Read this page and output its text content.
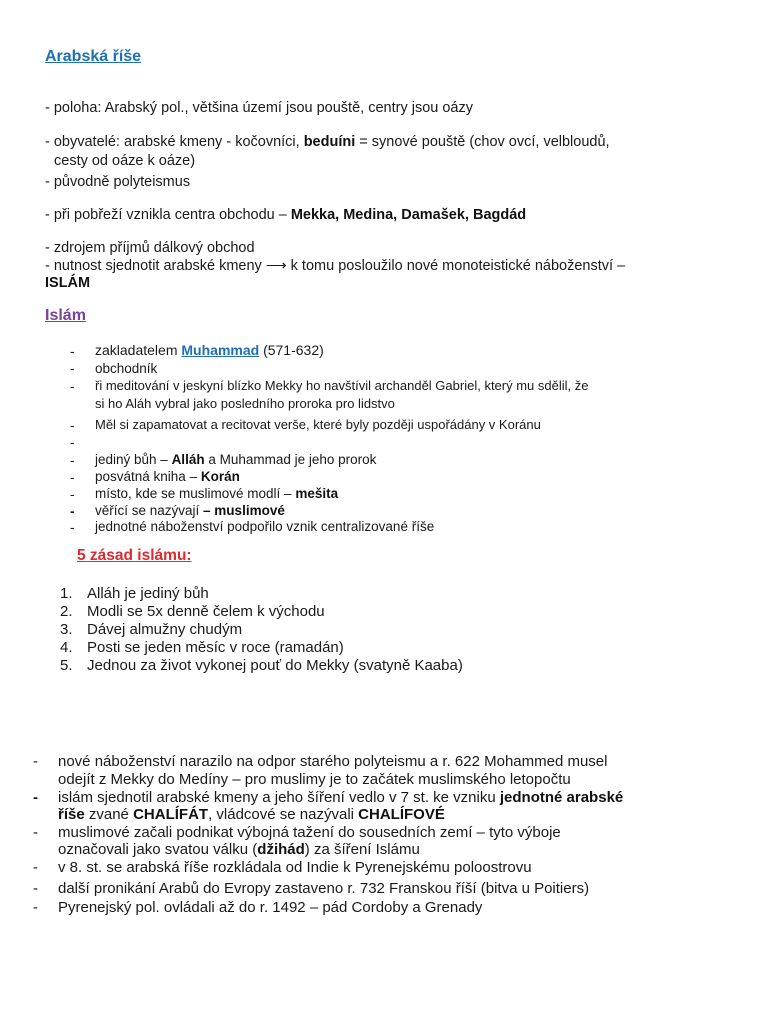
Arabská říše
- poloha: Arabský pol., většina území jsou pouště, centry jsou oázy
- obyvatelé: arabské kmeny - kočovníci, beduíni = synové pouště (chov ovcí, velbloudů,
cesty od oáze k oáze)
- původně polyteismus
- při pobřeží vznikla centra obchodu – Mekka, Medina, Damašek, Bagdád
- zdrojem příjmů dálkový obchod
- nutnost sjednotit arabské kmeny ⟶ k tomu posloužilo nové monoteistické náboženství –
ISLÁM
Islám
- zakladatelem Muhammad (571-632)
- obchodník
- ři meditování v jeskyní blízko Mekky ho navštívil archanděl Gabriel, který mu sdělil, že
si ho Aláh vybral jako posledního proroka pro lidstvo
- Měl si zapamatovat a recitovat verše, které byly později uspořádány v Koránu
-
- jediný bůh – Alláh a Muhammad je jeho prorok
- posvátná kniha – Korán
- místo, kde se muslimové modlí – mešita
- věřící se nazývají – muslimové
- jednotné náboženství podpořilo vznik centralizované říše
5 zásad islámu:
1. Alláh je jediný bůh
2. Modli se 5x denně čelem k východu
3. Dávej almužny chudým
4. Posti se jeden měsíc v roce (ramadán)
5. Jednou za život vykonej pouť do Mekky (svatyně Kaaba)
- nové náboženství narazilo na odpor starého polyteismu a r. 622 Mohammed musel
odejít z Mekky do Medíny – pro muslimy je to začátek muslimského letopočtu
- islám sjednotil arabské kmeny a jeho šíření vedlo v 7 st. ke vzniku jednotné arabské
říše zvané CHALÍFÁT, vládcové se nazývali CHALÍFOVÉ
- muslimové začali podnikat výbojná tažení do sousedních zemí – tyto výboje
označovali jako svatou válku (džihád) za šíření Islámu
- v 8. st. se arabská říše rozkládala od Indie k Pyrenejskému poloostrovu
- další pronikání Arabů do Evropy zastaveno r. 732 Franskou říší (bitva u Poitiers)
- Pyrenejský pol. ovládali až do r. 1492 – pád Cordoby a Grenady
